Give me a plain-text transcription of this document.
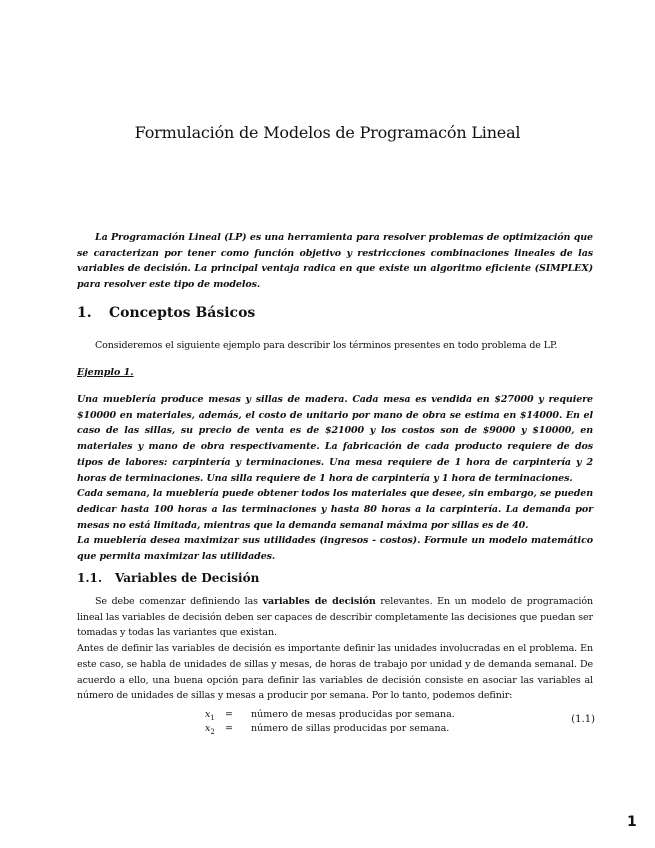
Formulación de Modelos de Programacón Lineal
La Programación Lineal (LP) es una herramienta para resolver problemas de optimización que se caracterizan por tener como función objetivo y restricciones combinaciones lineales de las variables de decisión. La principal ventaja radica en que existe un algoritmo eficiente (SIMPLEX) para resolver este tipo de modelos.
1. Conceptos Básicos
Consideremos el siguiente ejemplo para describir los términos presentes en todo problema de LP.
Ejemplo 1.
Una mueblería produce mesas y sillas de madera. Cada mesa es vendida en $27000 y requiere $10000 en materiales, además, el costo de unitario por mano de obra se estima en $14000. En el caso de las sillas, su precio de venta es de $21000 y los costos son de $9000 y $10000, en materiales y mano de obra respectivamente. La fabricación de cada producto requiere de dos tipos de labores: carpintería y terminaciones. Una mesa requiere de 1 hora de carpintería y 2 horas de terminaciones. Una silla requiere de 1 hora de carpintería y 1 hora de terminaciones.
Cada semana, la mueblería puede obtener todos los materiales que desee, sin embargo, se pueden dedicar hasta 100 horas a las terminaciones y hasta 80 horas a la carpintería. La demanda por mesas no está limitada, mientras que la demanda semanal máxima por sillas es de 40.
La mueblería desea maximizar sus utilidades (ingresos - costos). Formule un modelo matemático que permita maximizar las utilidades.
1.1. Variables de Decisión
Se debe comenzar definiendo las variables de decisión relevantes. En un modelo de programación lineal las variables de decisión deben ser capaces de describir completamente las decisiones que puedan ser tomadas y todas las variantes que existan.
Antes de definir las variables de decisión es importante definir las unidades involucradas en el problema. En este caso, se habla de unidades de sillas y mesas, de horas de trabajo por unidad y de demanda semanal. De acuerdo a ello, una buena opción para definir las variables de decisión consiste en asociar las variables al número de unidades de sillas y mesas a producir por semana. Por lo tanto, podemos definir:
$x_1$ = número de mesas producidas por semana.
$x_2$ = número de sillas producidas por semana.
(1.1)
1
